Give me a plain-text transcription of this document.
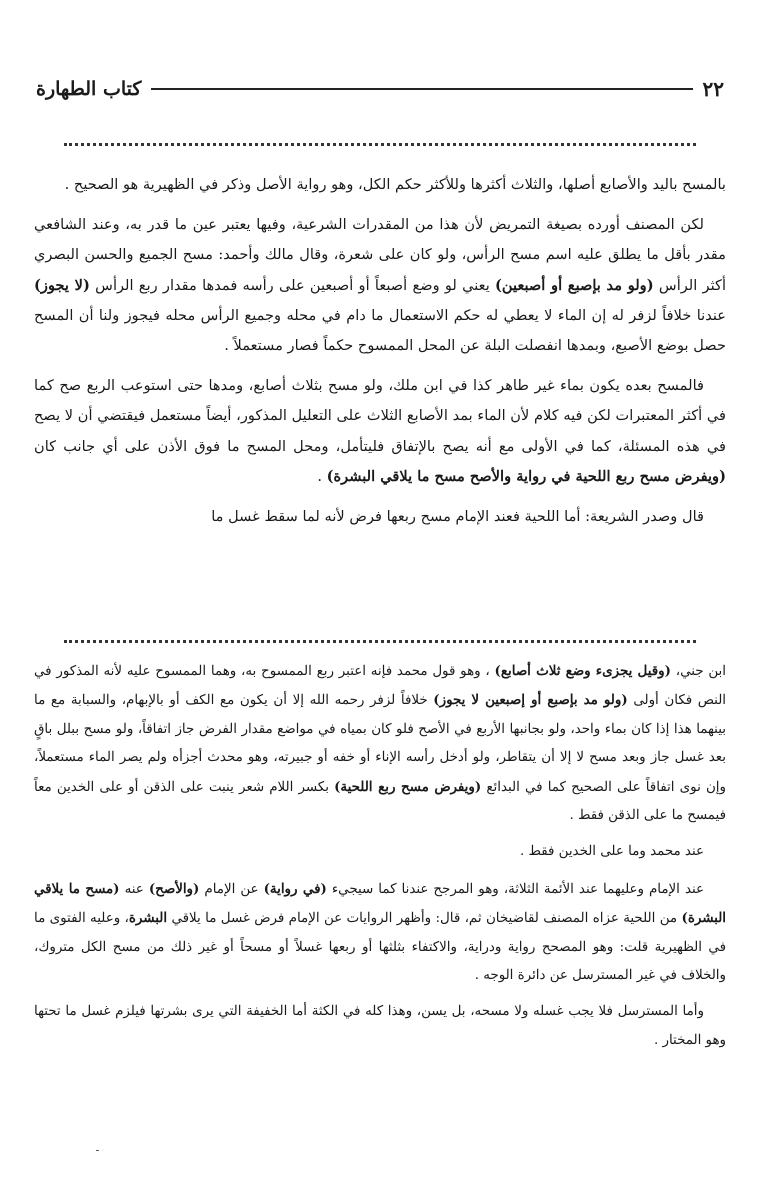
٢٢
كتاب الطهارة

بالمسح باليد والأصابع أصلها، والثلاث أكثرها وللأكثر حكم الكل، وهو رواية الأصل وذكر في الظهيرية هو الصحيح .

لكن المصنف أورده بصيغة التمريض لأن هذا من المقدرات الشرعية، وفيها يعتبر عين ما قدر به، وعند الشافعي مقدر بأقل ما يطلق عليه اسم مسح الرأس، ولو كان على شعرة، وقال مالك وأحمد: مسح الجميع والحسن البصري أكثر الرأس (ولو مد بإصبع أو أصبعين) يعني لو وضع أصبعاً أو أصبعين على رأسه فمدها مقدار ربع الرأس (لا يجوز) عندنا خلافاً لزفر له إن الماء لا يعطي له حكم الاستعمال ما دام في محله وجميع الرأس محله فيجوز ولنا أن المسح حصل بوضع الأصبع، وبمدها انفصلت البلة عن المحل الممسوح حكماً فصار مستعملاً .

فالمسح بعده يكون بماء غير طاهر كذا في ابن ملك، ولو مسح بثلاث أصابع، ومدها حتى استوعب الربع صح كما في أكثر المعتبرات لكن فيه كلام لأن الماء بمد الأصابع الثلاث على التعليل المذكور، أيضاً مستعمل فيقتضي أن لا يصح في هذه المسئلة، كما في الأولى مع أنه يصح بالإتفاق فليتأمل، ومحل المسح ما فوق الأذن على أي جانب كان (ويفرض مسح ربع اللحية في رواية والأصح مسح ما يلاقي البشرة) .

قال وصدر الشريعة: أما اللحية فعند الإمام مسح ربعها فرض لأنه لما سقط غسل ما

ابن جني، (وقيل يجزىء وضع ثلاث أصابع) ، وهو قول محمد فإنه اعتبر ربع الممسوح به، وهما الممسوح عليه لأنه المذكور في النص فكان أولى (ولو مد بإصبع أو إصبعين لا يجوز) خلافاً لزفر رحمه الله إلا أن يكون مع الكف أو بالإبهام، والسبابة مع ما بينهما هذا إذا كان بماء واحد، ولو بجانبها الأربع في الأصح فلو كان بمياه في مواضع مقدار الفرض جاز اتفاقاً، ولو مسح ببلل باقٍ بعد غسل جاز وبعد مسح لا إلا أن يتقاطر، ولو أدخل رأسه الإناء أو خفه أو جبيرته، وهو محدث أجزأه ولم يصر الماء مستعملاً، وإن نوى اتفاقاً على الصحيح كما في البدائع (ويفرض مسح ربع اللحية) بكسر اللام شعر ينبت على الذقن أو على الخدين معاً فيمسح ما على الذقن فقط .

عند محمد وما على الخدين فقط .

عند الإمام وعليهما عند الأئمة الثلاثة، وهو المرجح عندنا كما سيجيء (في رواية) عن الإمام (والأصح) عنه (مسح ما يلاقي البشرة) من اللحية عزاه المصنف لقاضيخان ثم، قال: وأظهر الروايات عن الإمام فرض غسل ما يلاقي البشرة، وعليه الفتوى ما في الظهيرية قلت: وهو المصحح رواية ودراية، والاكتفاء بثلثها أو ربعها غسلاً أو مسحاً أو غير ذلك من مسح الكل متروك، والخلاف في غير المسترسل عن دائرة الوجه .

وأما المسترسل فلا يجب غسله ولا مسحه، بل يسن، وهذا كله في الكثة أما الخفيفة التي يرى بشرتها فيلزم غسل ما تحتها وهو المختار .
